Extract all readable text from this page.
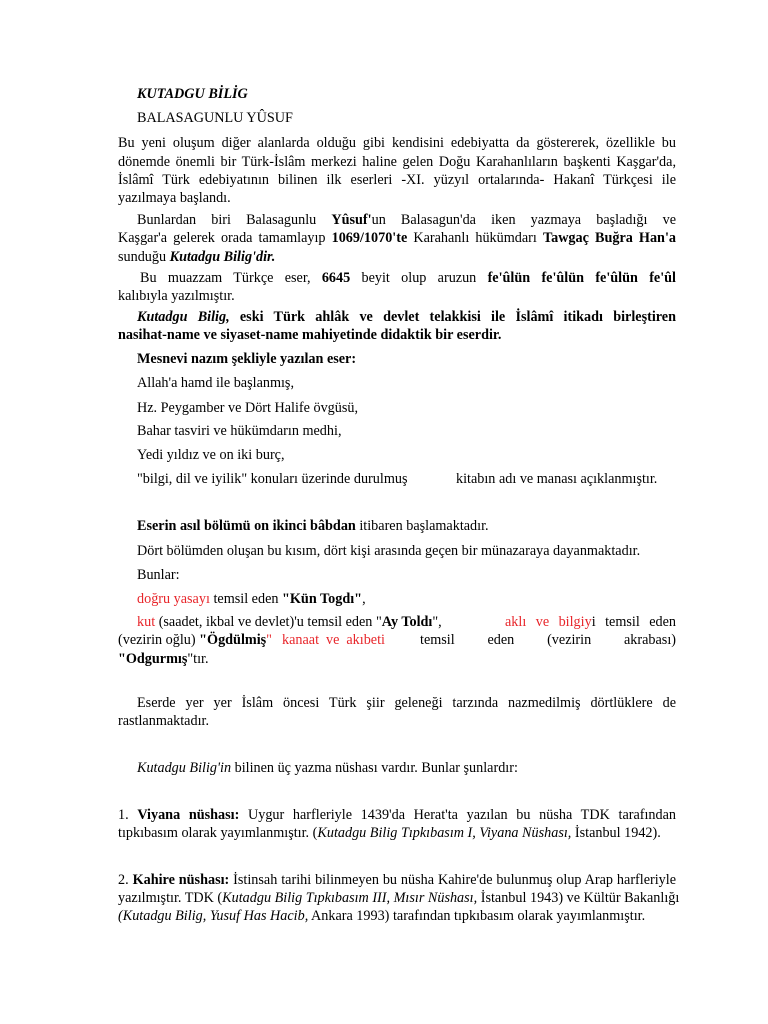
KUTADGU BİLİG
BALASAGUNLU YÛSUF
Bu yeni oluşum diğer alanlarda olduğu gibi kendisini edebiyatta da göstererek, özellikle bu
dönemde önemli bir Türk-İslâm merkezi haline gelen Doğu Karahanlıların başkenti Kaşgar'da,
İslâmî Türk edebiyatının bilinen ilk eserleri -XI. yüzyıl ortalarında- Hakanî Türkçesi ile
yazılmaya başlandı.
Bunlardan biri Balasagunlu Yûsuf'un Balasagun'da iken yazmaya başladığı ve
Kaşgar'a gelerek orada tamamlayıp 1069/1070'te Karahanlı hükümdarı Tawgaç Buğra Han'a
sunduğu Kutadgu Bilig'dir.
Bu muazzam Türkçe eser, 6645 beyit olup aruzun fe'ûlün fe'ûlün fe'ûlün fe'ûl
kalıbıyla yazılmıştır.
Kutadgu Bilig, eski Türk ahlâk ve devlet telakkisi ile İslâmî itikadı birleştiren
nasihat-name ve siyaset-name mahiyetinde didaktik bir eserdir.
Mesnevi nazım şekliyle yazılan eser:
Allah'a hamd ile başlanmış,
Hz. Peygamber ve Dört Halife övgüsü,
Bahar tasviri ve hükümdarın medhi,
Yedi yıldız ve on iki burç,
"bilgi, dil ve iyilik" konuları üzerinde durulmuş	kitabın adı ve manası açıklanmıştır.
Eserin asıl bölümü on ikinci bâbdan itibaren başlamaktadır.
Dört bölümden oluşan bu kısım, dört kişi arasında geçen bir münazaraya dayanmaktadır.
Bunlar:
doğru yasayı temsil eden "Kün Togdı",
kut (saadet, ikbal ve devlet)'u temsil eden "Ay Toldı",	aklı ve bilgiyi temsil eden
(vezirin oğlu) "Ögdülmiş" kanaat ve akıbeti temsil eden (vezirin akrabası)
"Odgurmış"tır.
Eserde yer yer İslâm öncesi Türk şiir geleneği tarzında nazmedilmiş dörtlüklere de
rastlanmaktadır.
Kutadgu Bilig'in bilinen üç yazma nüshası vardır. Bunlar şunlardır:
1. Viyana nüshası: Uygur harfleriyle 1439'da Herat'ta yazılan bu nüsha TDK tarafından
tıpkıbasım olarak yayımlanmıştır. (Kutadgu Bilig Tıpkıbasım I, Viyana Nüshası, İstanbul 1942).
2. Kahire nüshası: İstinsah tarihi bilinmeyen bu nüsha Kahire'de bulunmuş olup Arap harfleriyle
yazılmıştır. TDK (Kutadgu Bilig Tıpkıbasım III, Mısır Nüshası, İstanbul 1943) ve Kültür Bakanlığı
(Kutadgu Bilig, Yusuf Has Hacib, Ankara 1993) tarafından tıpkıbasım olarak yayımlanmıştır.
